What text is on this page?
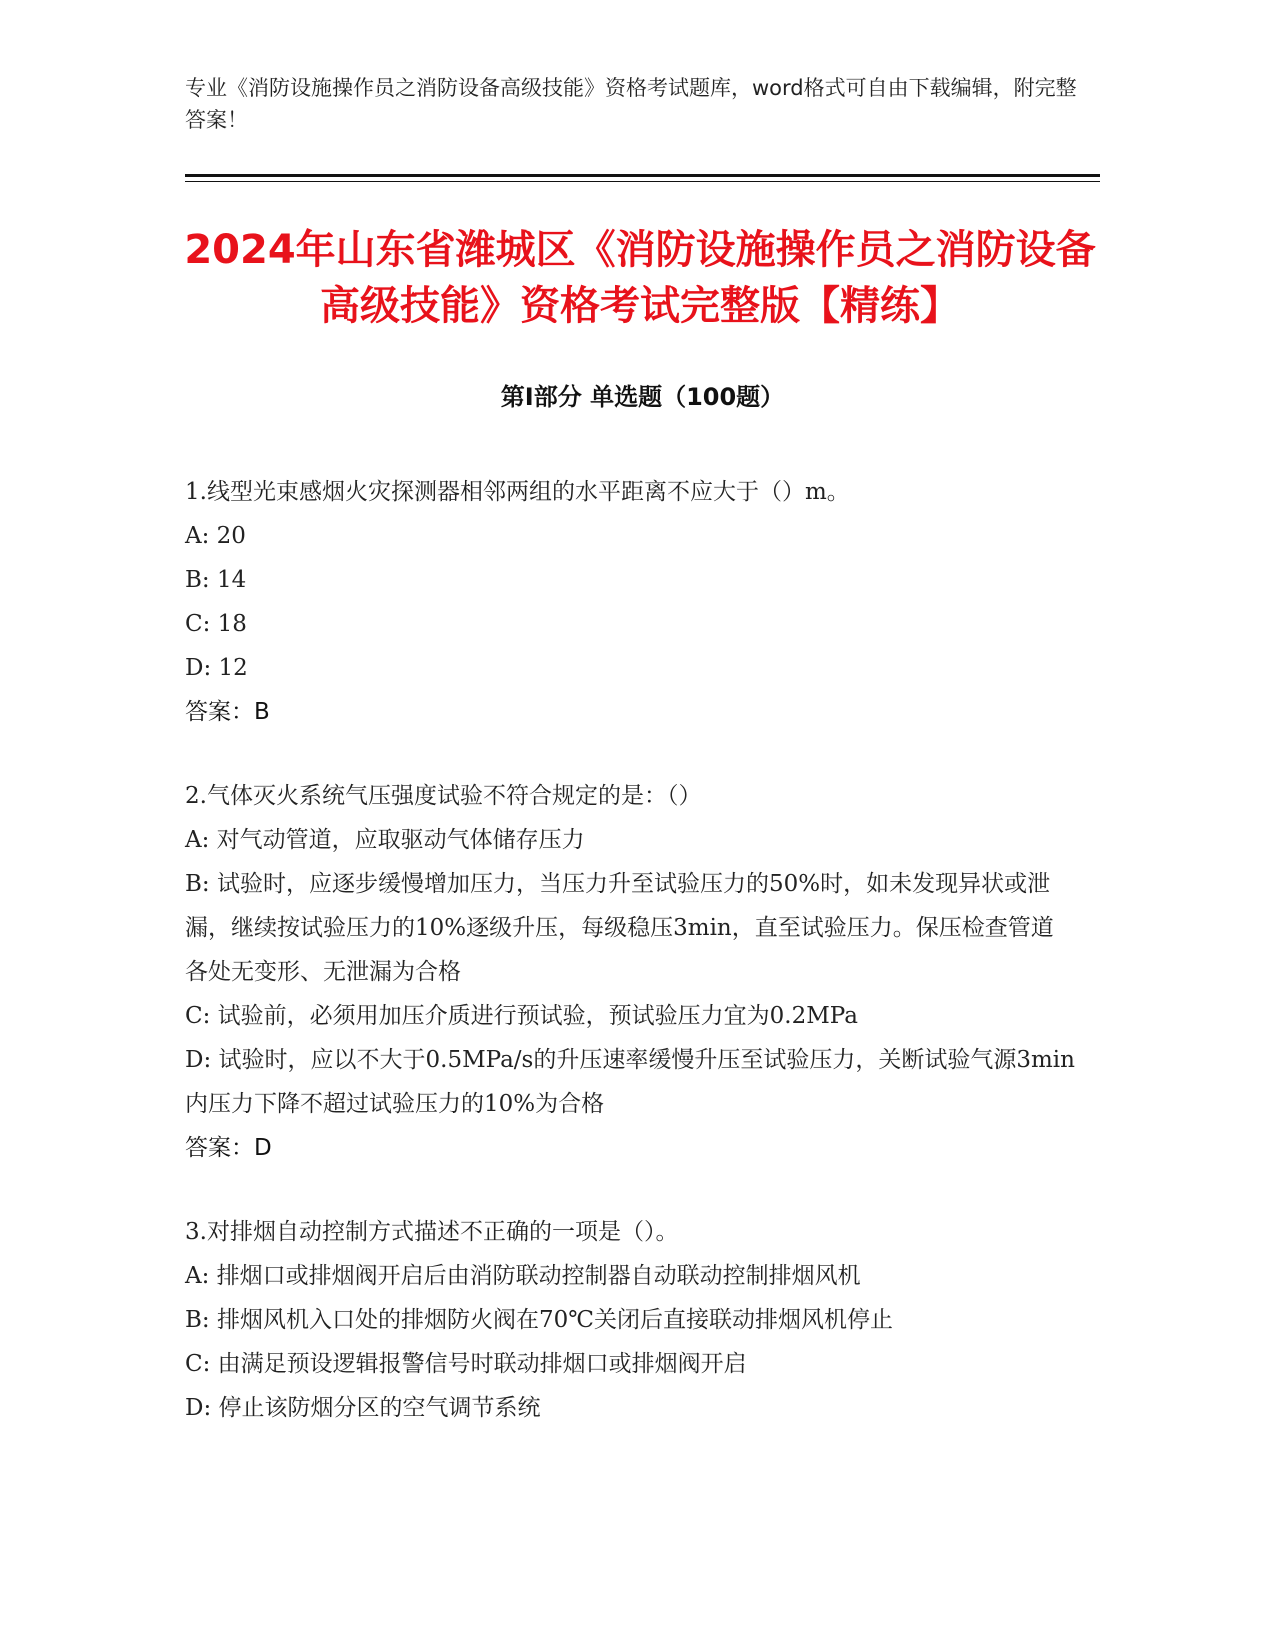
专业《消防设施操作员之消防设备高级技能》资格考试题库，word格式可自由下载编辑，附完整答案！
2024年山东省潍城区《消防设施操作员之消防设备高级技能》资格考试完整版【精练】
第I部分 单选题（100题）
1.线型光束感烟火灾探测器相邻两组的水平距离不应大于（）m。
A: 20
B: 14
C: 18
D: 12
答案：B
2.气体灭火系统气压强度试验不符合规定的是：（）
A: 对气动管道，应取驱动气体储存压力
B: 试验时，应逐步缓慢增加压力，当压力升至试验压力的50%时，如未发现异状或泄漏，继续按试验压力的10%逐级升压，每级稳压3min，直至试验压力。保压检查管道各处无变形、无泄漏为合格
C: 试验前，必须用加压介质进行预试验，预试验压力宜为0.2MPa
D: 试验时，应以不大于0.5MPa/s的升压速率缓慢升压至试验压力，关断试验气源3min内压力下降不超过试验压力的10%为合格
答案：D
3.对排烟自动控制方式描述不正确的一项是（）。
A: 排烟口或排烟阀开启后由消防联动控制器自动联动控制排烟风机
B: 排烟风机入口处的排烟防火阀在70℃关闭后直接联动排烟风机停止
C: 由满足预设逻辑报警信号时联动排烟口或排烟阀开启
D: 停止该防烟分区的空气调节系统
